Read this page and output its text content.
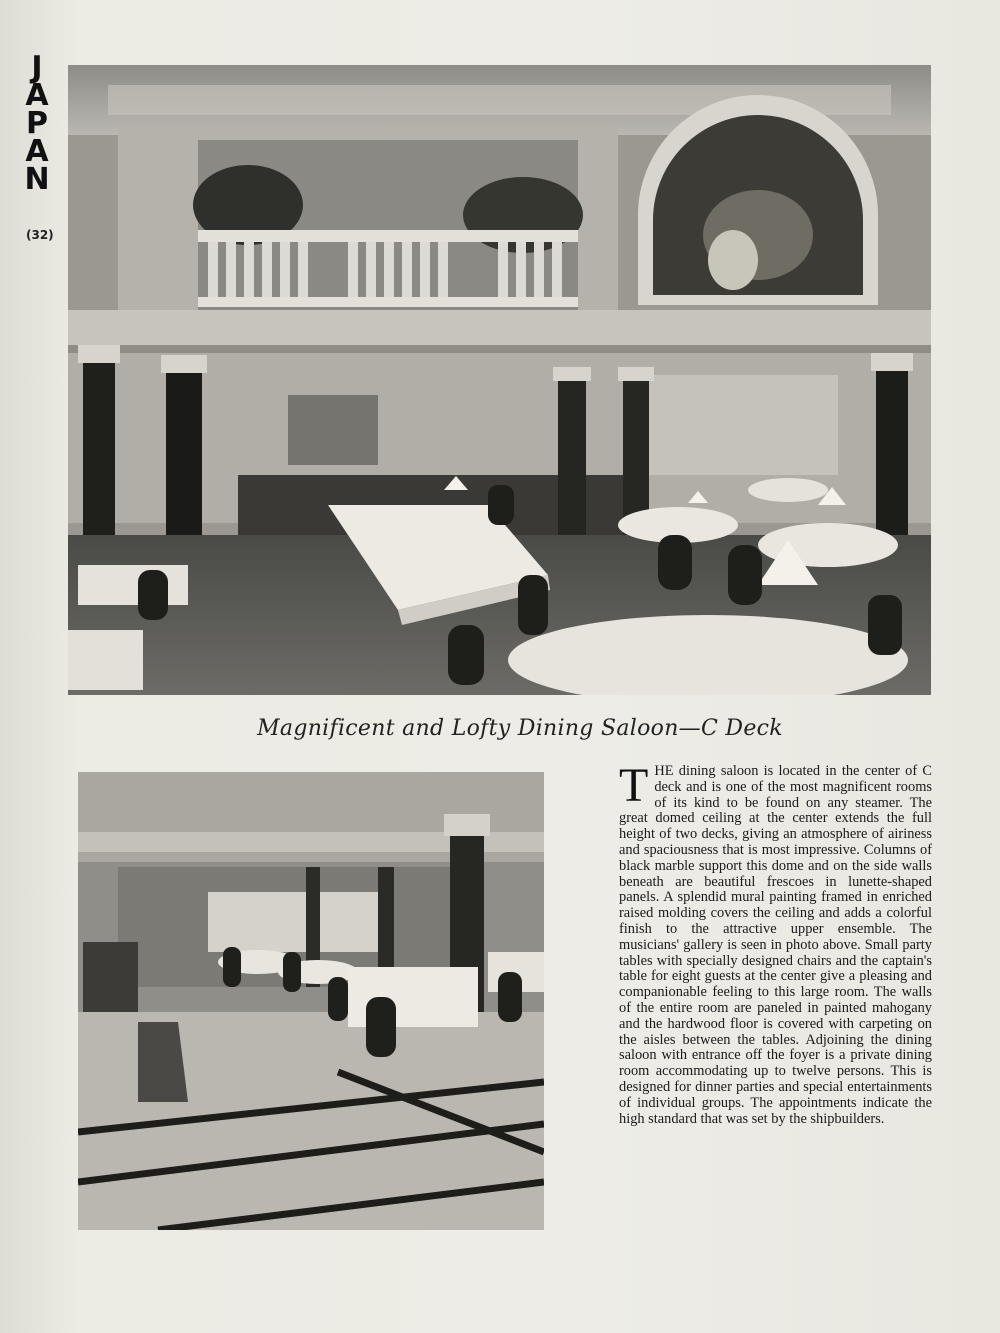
J
A
P
A
N
(32)
Magnificent and Lofty Dining Saloon—C Deck
THE dining saloon is located in the center of C deck and is one of the most magnificent rooms of its kind to be found on any steamer. The great domed ceiling at the center extends the full height of two decks, giving an atmosphere of airiness and spaciousness that is most impressive. Columns of black marble support this dome and on the side walls beneath are beautiful frescoes in lunette-shaped panels. A splendid mural painting framed in enriched raised molding covers the ceiling and adds a colorful finish to the attractive upper ensemble. The musicians' gallery is seen in photo above. Small party tables with specially designed chairs and the captain's table for eight guests at the center give a pleasing and companionable feeling to this large room. The walls of the entire room are paneled in painted mahogany and the hardwood floor is covered with carpeting on the aisles between the tables. Adjoining the dining saloon with entrance off the foyer is a private dining room accommodating up to twelve persons. This is designed for dinner parties and special entertainments of individual groups. The appointments indicate the high standard that was set by the shipbuilders.
